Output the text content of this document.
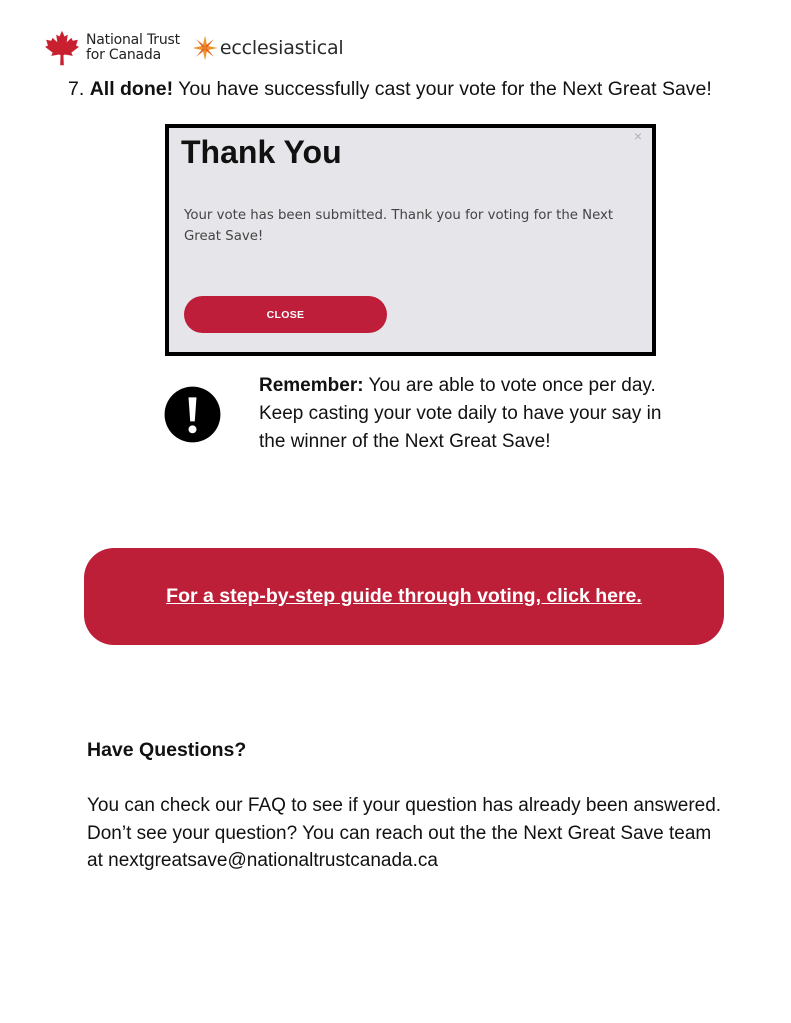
National Trust
for Canada	ecclesiastical
7. All done! You have successfully cast your vote for the Next Great Save!
×
Thank You
Your vote has been submitted. Thank you for voting for the Next Great Save!
CLOSE
Remember: You are able to vote once per day. Keep casting your vote daily to have your say in the winner of the Next Great Save!
For a step-by-step guide through voting, click here.
Have Questions?
You can check our FAQ to see if your question has already been answered. Don’t see your question? You can reach out the the Next Great Save team at nextgreatsave@nationaltrustcanada.ca
